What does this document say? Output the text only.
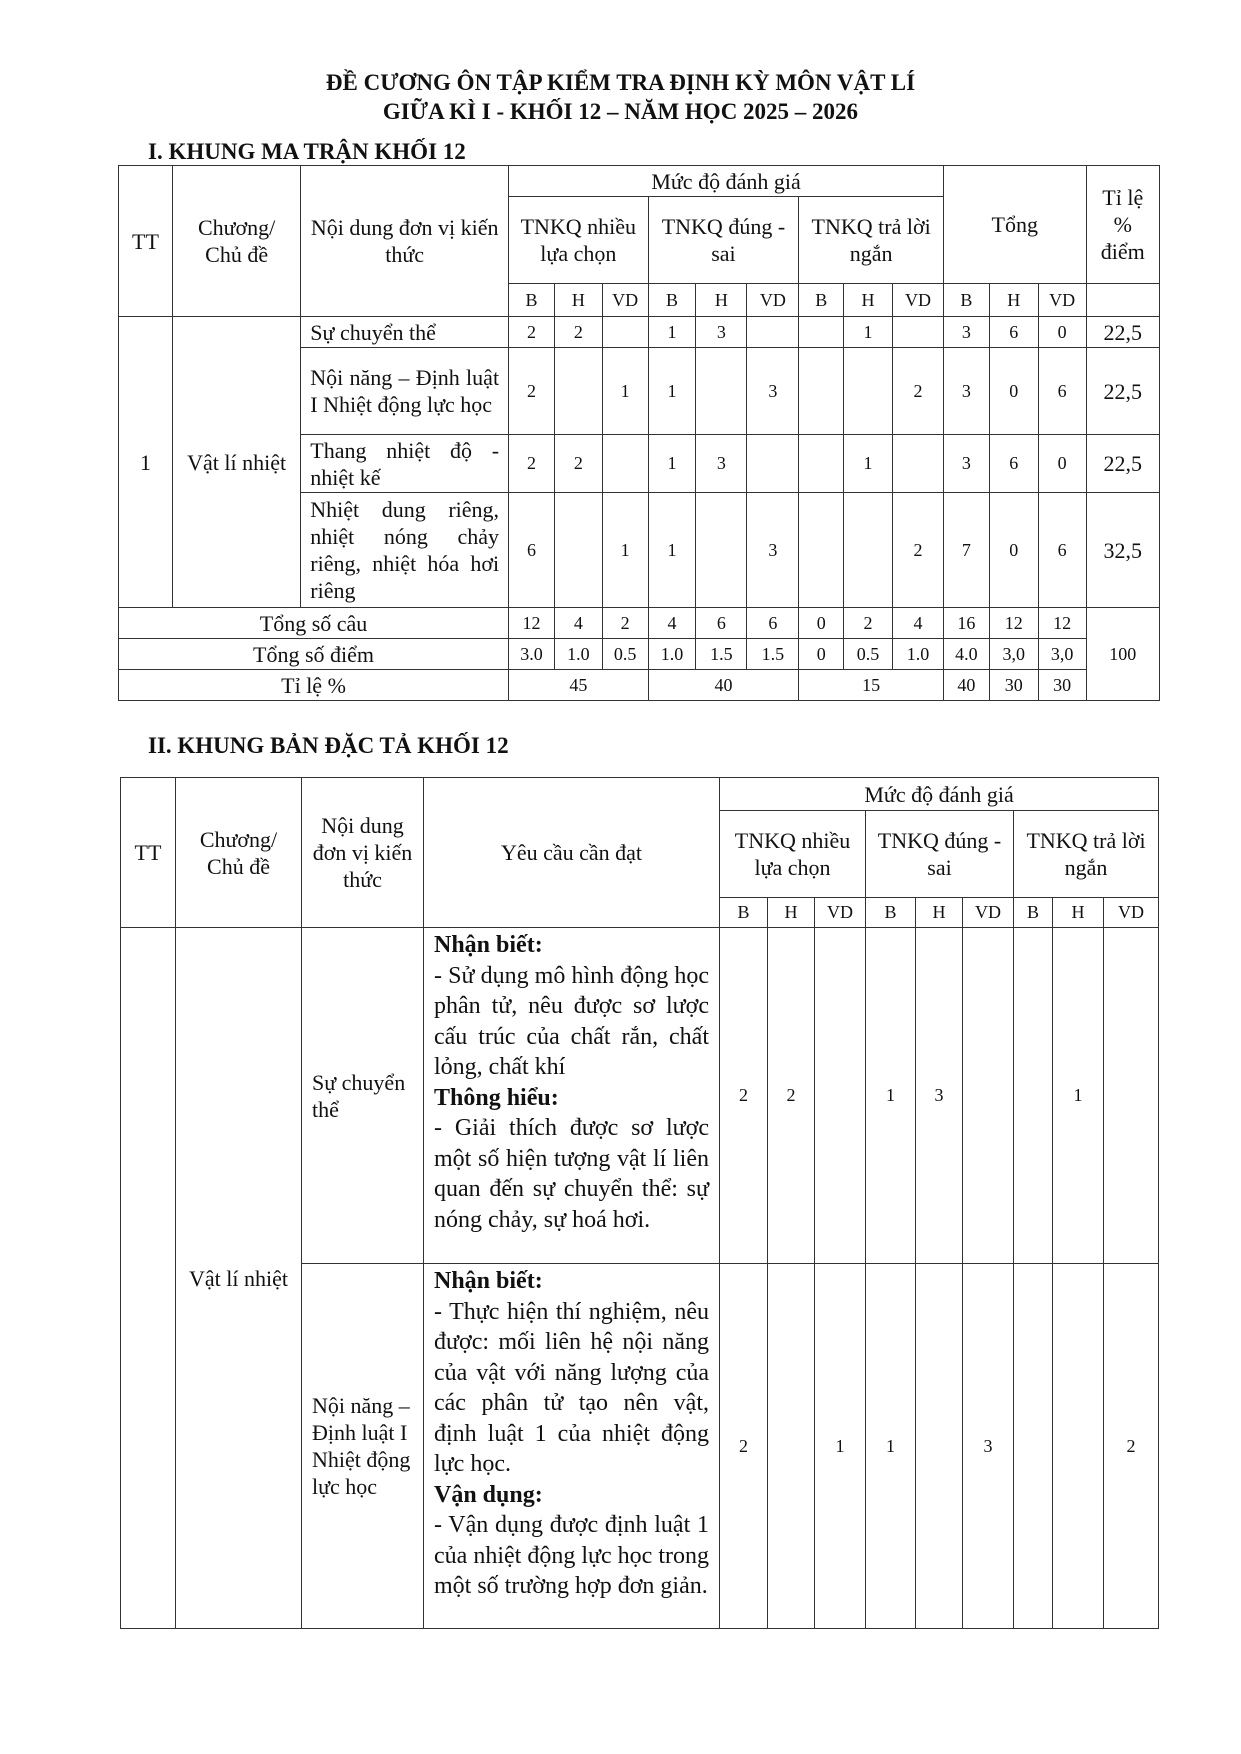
ĐỀ CƯƠNG ÔN TẬP KIỂM TRA ĐỊNH KỲ MÔN VẬT LÍ
GIỮA KÌ I - KHỐI 12 – NĂM HỌC 2025 – 2026
I. KHUNG MA TRẬN KHỐI 12
TT	Chương/ Chủ đề	Nội dung đơn vị kiến thức	Mức độ đánh giá									Tổng			Tỉ lệ % điểm
			TNKQ nhiều lựa chọn			TNKQ đúng - sai			TNKQ trả lời ngắn						
			B	H	VD	B	H	VD	B	H	VD	B	H	VD	
1	Vật lí nhiệt	Sự chuyển thể	2	2		1	3			1		3	6	0	22,5
		Nội năng – Định luật I Nhiệt động lực học	2		1	1		3			2	3	0	6	22,5
		Thang nhiệt độ - nhiệt kế	2	2		1	3			1		3	6	0	22,5
		Nhiệt dung riêng, nhiệt nóng chảy riêng, nhiệt hóa hơi riêng	6		1	1		3			2	7	0	6	32,5
Tổng số câu			12	4	2	4	6	6	0	2	4	16	12	12	100
Tổng số điểm			3.0	1.0	0.5	1.0	1.5	1.5	0	0.5	1.0	4.0	3,0	3,0	
Tỉ lệ %			45			40			15			40	30	30	
II. KHUNG BẢN ĐẶC TẢ KHỐI 12
TT	Chương/ Chủ đề	Nội dung đơn vị kiến thức	Yêu cầu cần đạt	Mức độ đánh giá								
				TNKQ nhiều lựa chọn			TNKQ đúng - sai			TNKQ trả lời ngắn		
				B	H	VD	B	H	VD	B	H	VD
	Vật lí nhiệt	Sự chuyển thể	Nhận biết:
- Sử dụng mô hình động học phân tử, nêu được sơ lược cấu trúc của chất rắn, chất lỏng, chất khí
Thông hiểu:
- Giải thích được sơ lược một số hiện tượng vật lí liên quan đến sự chuyển thể: sự nóng chảy, sự hoá hơi.	2	2		1	3			1	
		Nội năng – Định luật I Nhiệt động lực học	Nhận biết:
- Thực hiện thí nghiệm, nêu được: mối liên hệ nội năng của vật với năng lượng của các phân tử tạo nên vật, định luật 1 của nhiệt động lực học.
Vận dụng:
- Vận dụng được định luật 1 của nhiệt động lực học trong một số trường hợp đơn giản.	2		1	1		3			2
